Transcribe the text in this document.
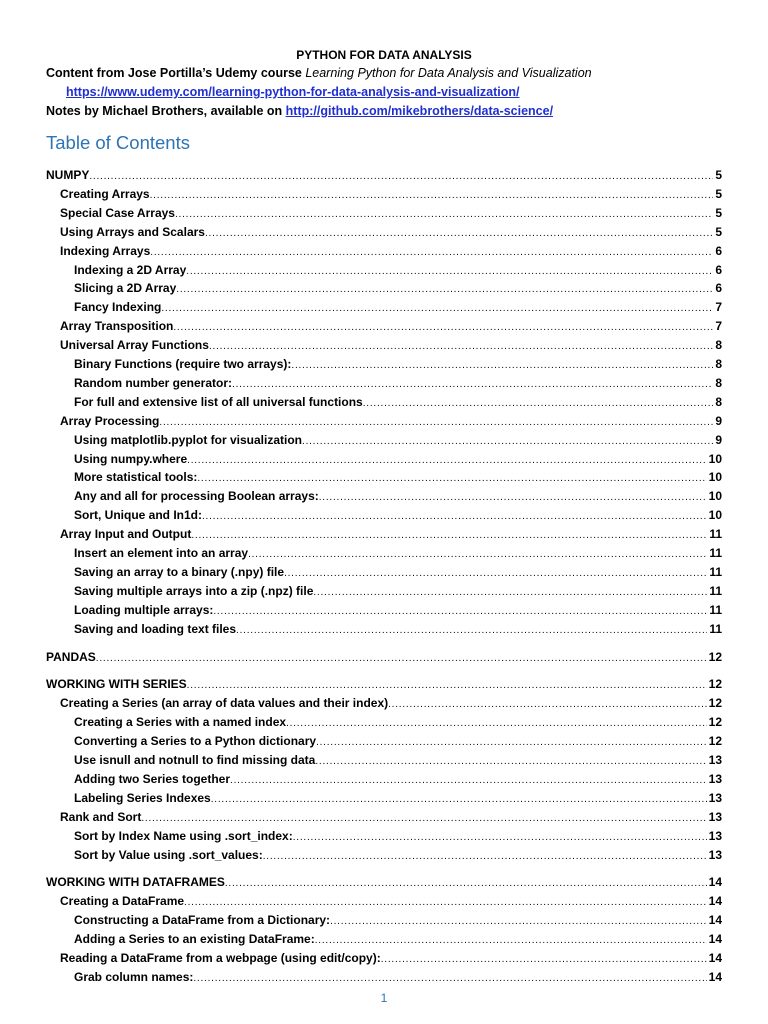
PYTHON FOR DATA ANALYSIS
Content from Jose Portilla’s Udemy course Learning Python for Data Analysis and Visualization
https://www.udemy.com/learning-python-for-data-analysis-and-visualization/
Notes by Michael Brothers, available on http://github.com/mikebrothers/data-science/
Table of Contents
NUMPY . . .	5
Creating Arrays . . .	5
Special Case Arrays . . .	5
Using Arrays and Scalars . . .	5
Indexing Arrays . . .	6
Indexing a 2D Array . . .	6
Slicing a 2D Array . . .	6
Fancy Indexing . . .	7
Array Transposition . . .	7
Universal Array Functions . . .	8
Binary Functions (require two arrays): . . .	8
Random number generator: . . .	8
For full and extensive list of all universal functions . . .	8
Array Processing . . .	9
Using matplotlib.pyplot for visualization . . .	9
Using numpy.where . . .	10
More statistical tools: . . .	10
Any and all for processing Boolean arrays: . . .	10
Sort, Unique and In1d: . . .	10
Array Input and Output . . .	11
Insert an element into an array . . .	11
Saving an array to a binary (.npy) file . . .	11
Saving multiple arrays into a zip (.npz) file . . .	11
Loading multiple arrays: . . .	11
Saving and loading text files . . .	11
PANDAS . . .	12
WORKING WITH SERIES . . .	12
Creating a Series (an array of data values and their index) . . .	12
Creating a Series with a named index . . .	12
Converting a Series to a Python dictionary . . .	12
Use isnull and notnull to find missing data . . .	13
Adding two Series together . . .	13
Labeling Series Indexes . . .	13
Rank and Sort . . .	13
Sort by Index Name using .sort_index: . . .	13
Sort by Value using .sort_values: . . .	13
WORKING WITH DATAFRAMES . . .	14
Creating a DataFrame . . .	14
Constructing a DataFrame from a Dictionary: . . .	14
Adding a Series to an existing DataFrame: . . .	14
Reading a DataFrame from a webpage (using edit/copy): . . .	14
Grab column names: . . .	14
1
